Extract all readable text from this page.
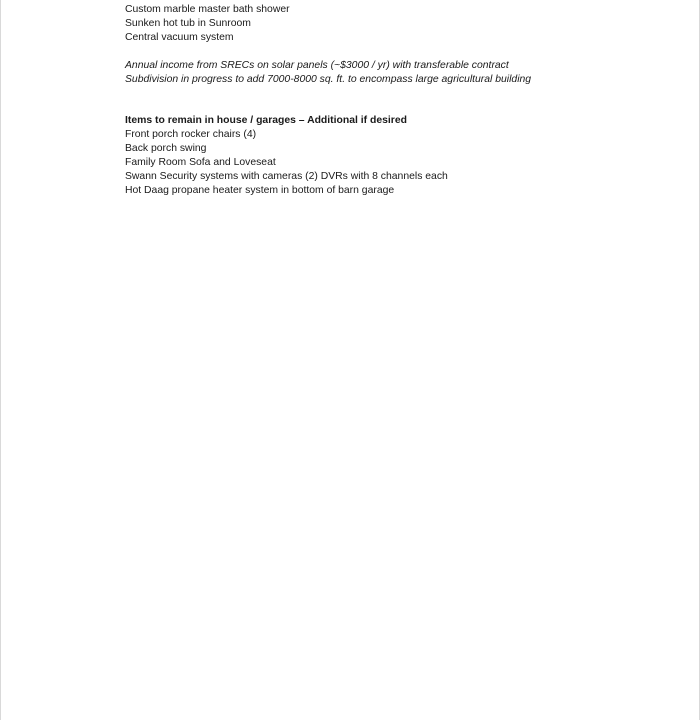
Custom marble master bath shower
Sunken hot tub in Sunroom
Central vacuum system
Annual income from SRECs on solar panels (~$3000 / yr) with transferable contract
Subdivision in progress to add 7000-8000 sq. ft. to encompass large agricultural building
Items to remain in house / garages – Additional if desired
Front porch rocker chairs (4)
Back porch swing
Family Room Sofa and Loveseat
Swann Security systems with cameras (2) DVRs with 8 channels each
Hot Daag propane heater system in bottom of barn garage
